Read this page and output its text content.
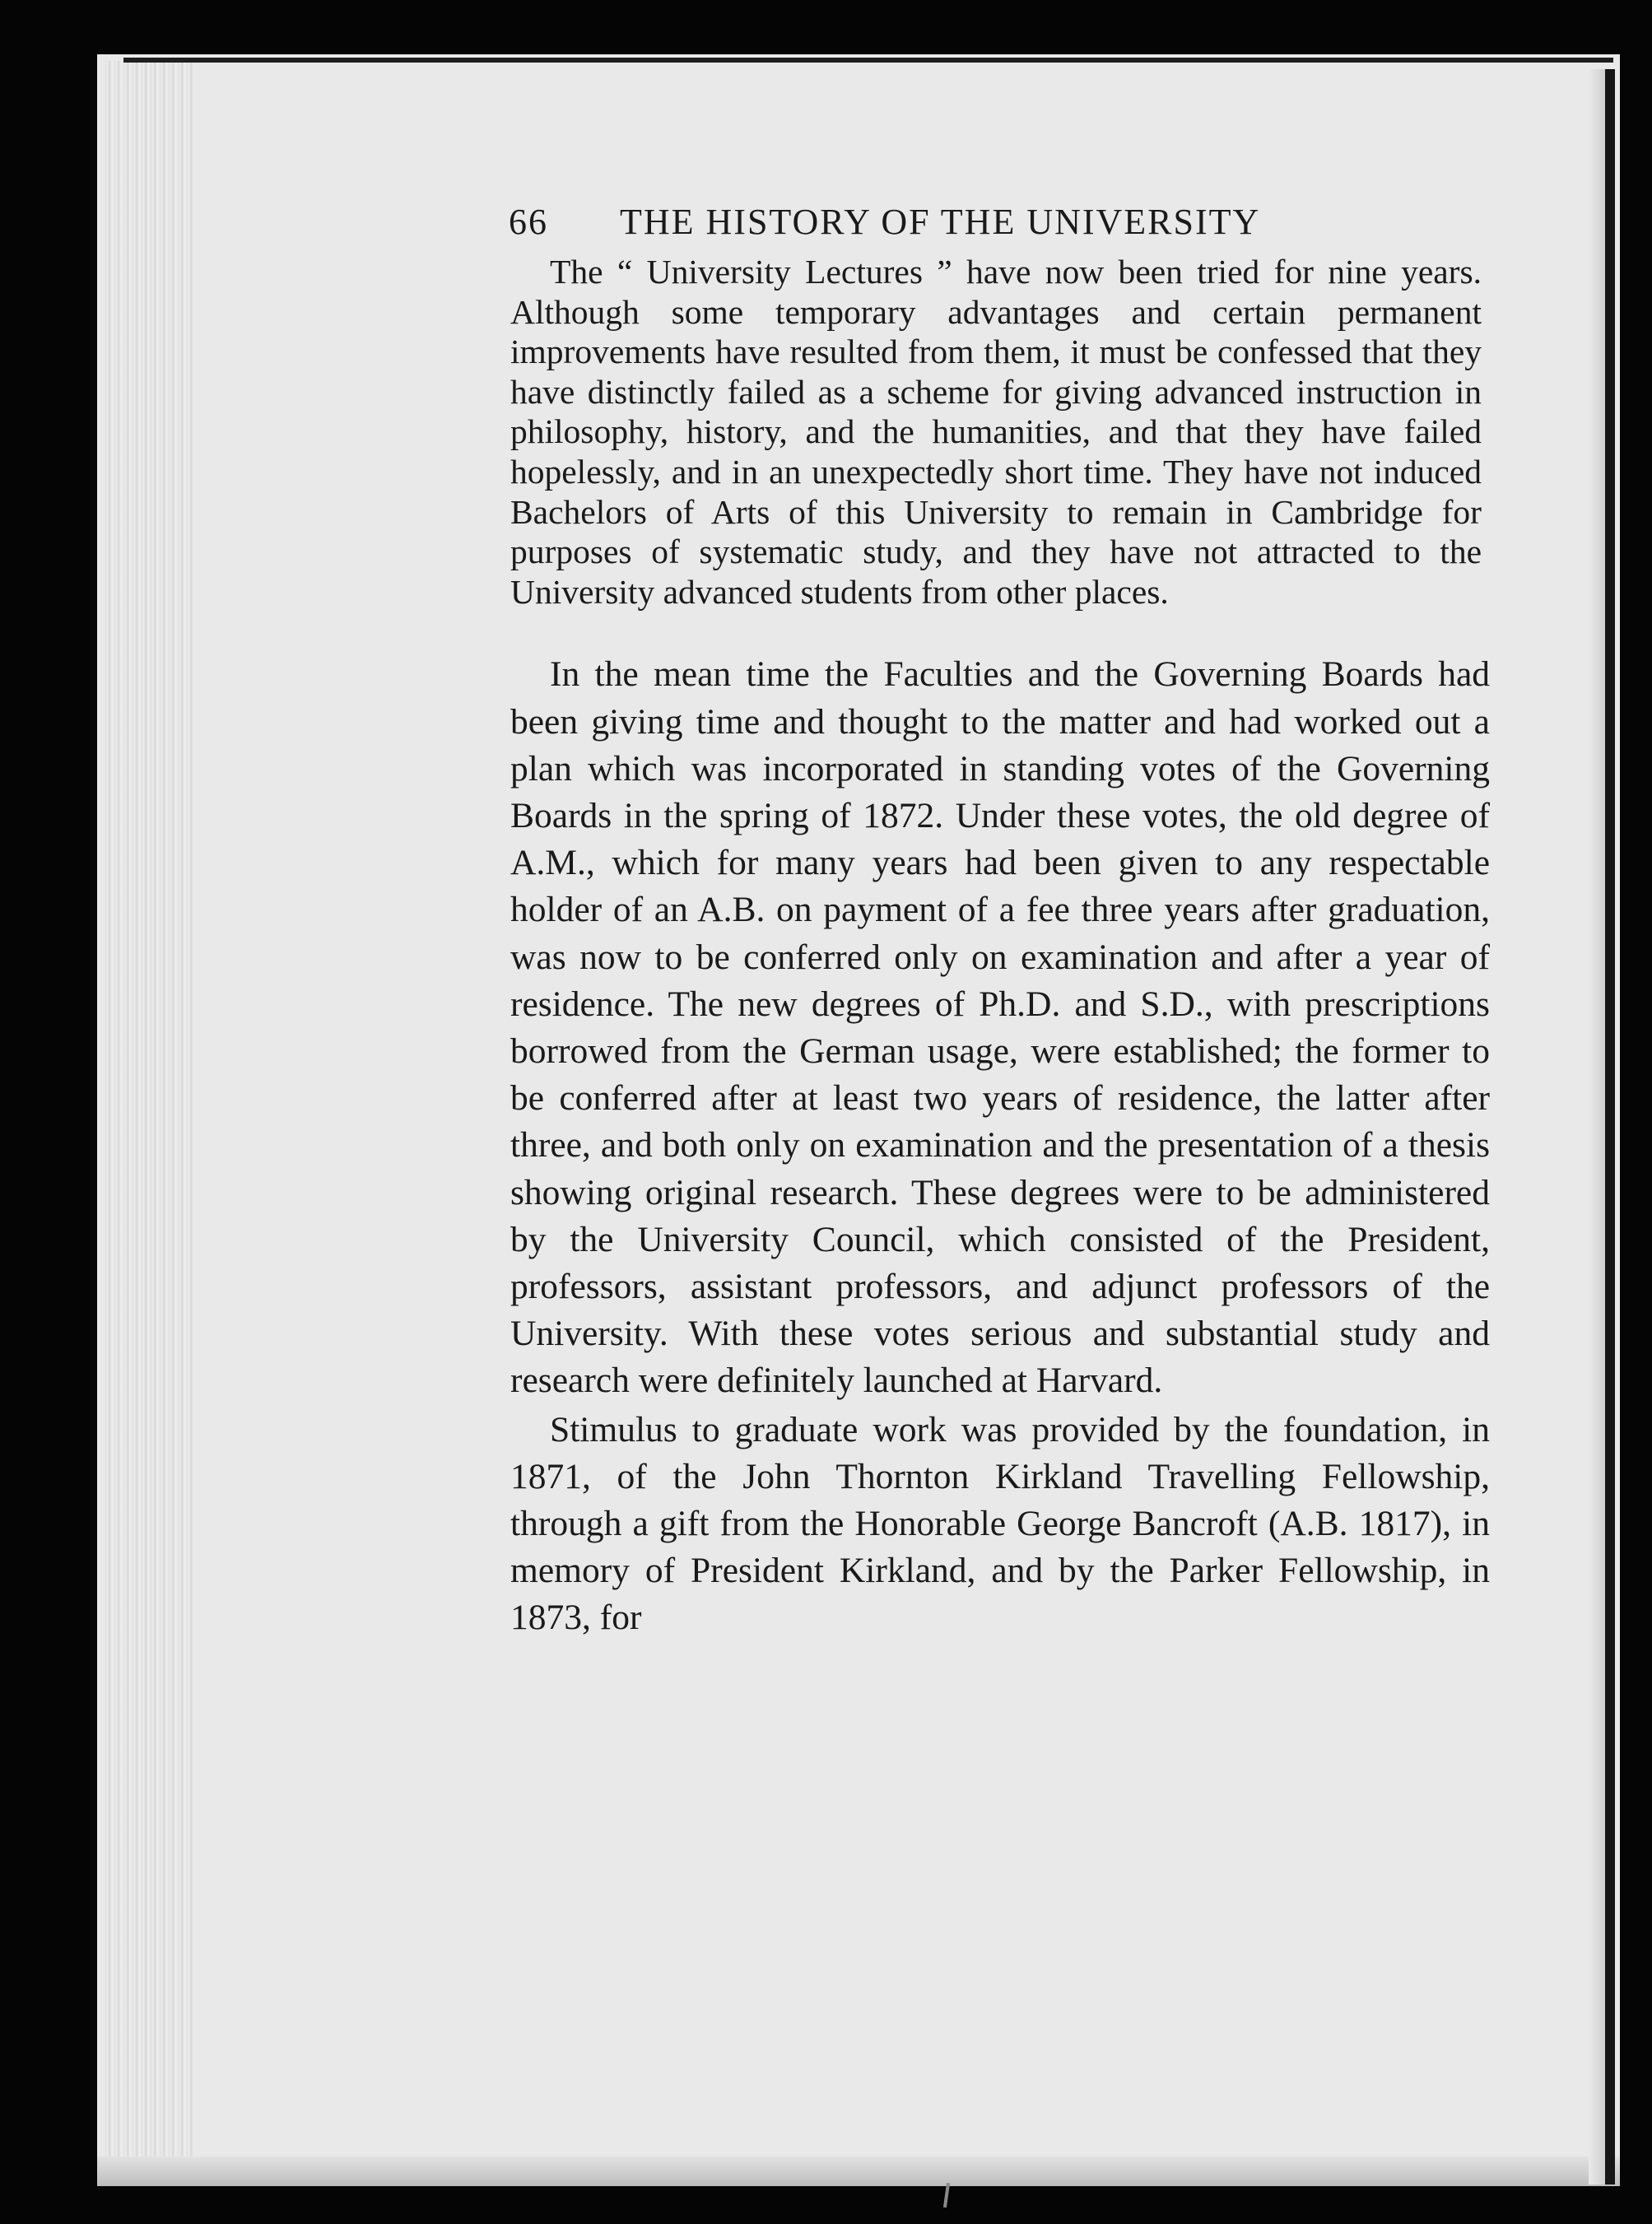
66	THE HISTORY OF THE UNIVERSITY

The “ University Lectures ” have now been tried for nine years. Although some temporary advantages and certain permanent improvements have resulted from them, it must be confessed that they have distinctly failed as a scheme for giving advanced instruction in philosophy, history, and the humanities, and that they have failed hopelessly, and in an unexpectedly short time. They have not induced Bachelors of Arts of this University to remain in Cambridge for purposes of systematic study, and they have not attracted to the University advanced students from other places.

In the mean time the Faculties and the Governing Boards had been giving time and thought to the matter and had worked out a plan which was incorporated in standing votes of the Governing Boards in the spring of 1872. Under these votes, the old degree of A.M., which for many years had been given to any respectable holder of an A.B. on payment of a fee three years after graduation, was now to be conferred only on examination and after a year of residence. The new degrees of Ph.D. and S.D., with prescriptions borrowed from the German usage, were established; the former to be conferred after at least two years of residence, the latter after three, and both only on examination and the presentation of a thesis showing original research. These degrees were to be administered by the University Council, which consisted of the President, professors, assistant professors, and adjunct professors of the University. With these votes serious and substantial study and research were definitely launched at Harvard.

Stimulus to graduate work was provided by the foundation, in 1871, of the John Thornton Kirkland Travelling Fellowship, through a gift from the Honorable George Bancroft (A.B. 1817), in memory of President Kirkland, and by the Parker Fellowship, in 1873, for
